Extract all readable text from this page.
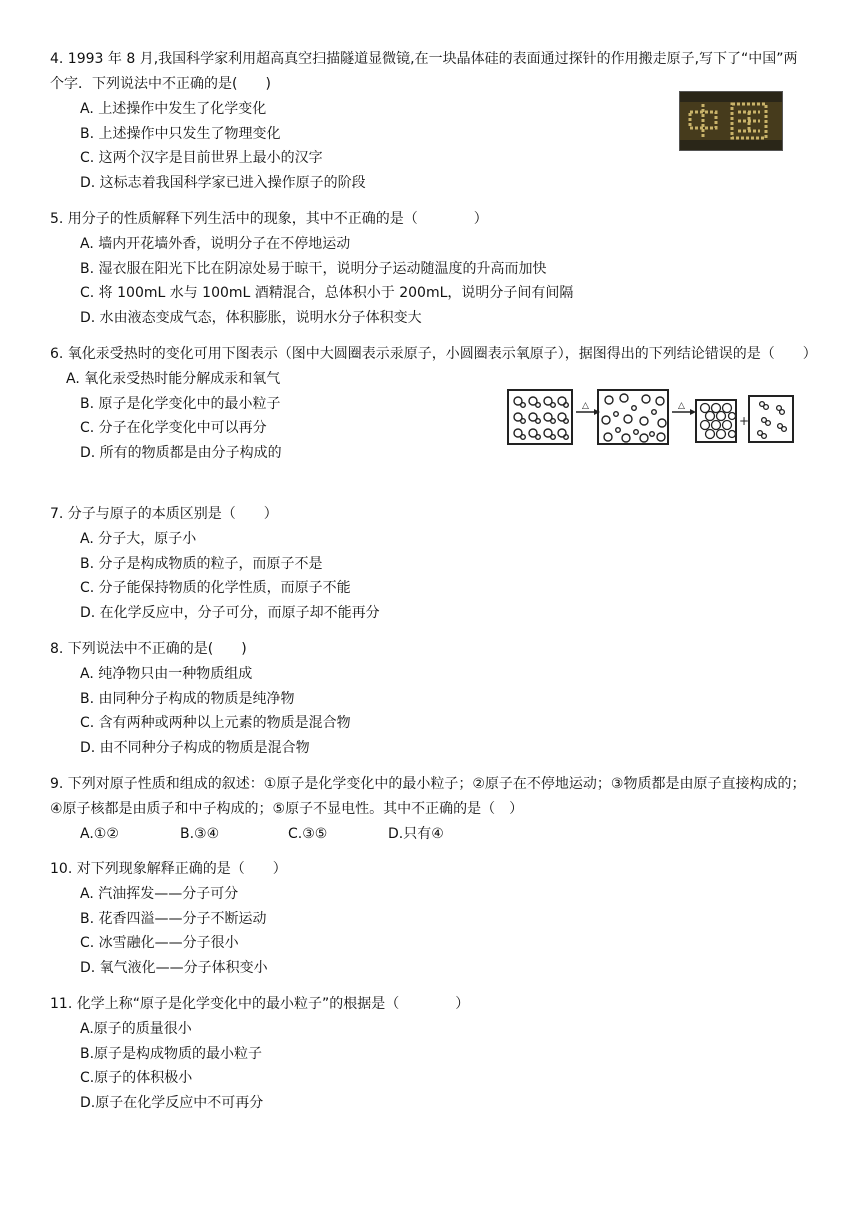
4. 1993 年 8 月,我国科学家利用超高真空扫描隧道显微镜,在一块晶体硅的表面通过探针的作用搬走原子,写下了“中国”两个字．下列说法中不正确的是(　　)

A. 上述操作中发生了化学变化

B. 上述操作中只发生了物理变化

C. 这两个汉字是目前世界上最小的汉字

D. 这标志着我国科学家已进入操作原子的阶段

5. 用分子的性质解释下列生活中的现象，其中不正确的是（　　　　）

A. 墙内开花墙外香，说明分子在不停地运动

B. 湿衣服在阳光下比在阴凉处易于晾干，说明分子运动随温度的升高而加快

C. 将 100mL 水与 100mL 酒精混合，总体积小于 200mL，说明分子间有间隔

D. 水由液态变成气态，体积膨胀，说明水分子体积变大

6. 氧化汞受热时的变化可用下图表示（图中大圆圈表示汞原子，小圆圈表示氧原子），据图得出的下列结论错误的是（　　）

A. 氧化汞受热时能分解成汞和氧气

B. 原子是化学变化中的最小粒子

C. 分子在化学变化中可以再分

D. 所有的物质都是由分子构成的

△	△
+

7. 分子与原子的本质区别是（　　）

A. 分子大，原子小

B. 分子是构成物质的粒子，而原子不是

C. 分子能保持物质的化学性质，而原子不能

D. 在化学反应中，分子可分，而原子却不能再分

8. 下列说法中不正确的是(　　)

A. 纯净物只由一种物质组成

B. 由同种分子构成的物质是纯净物

C. 含有两种或两种以上元素的物质是混合物

D. 由不同种分子构成的物质是混合物

9. 下列对原子性质和组成的叙述：①原子是化学变化中的最小粒子；②原子在不停地运动；③物质都是由原子直接构成的；④原子核都是由质子和中子构成的；⑤原子不显电性。其中不正确的是（　）

A.①②	B.③④	C.③⑤	D.只有④

10. 对下列现象解释正确的是（　　）

A. 汽油挥发——分子可分

B. 花香四溢——分子不断运动

C. 冰雪融化——分子很小

D. 氧气液化——分子体积变小

11. 化学上称“原子是化学变化中的最小粒子”的根据是（　　　　）

A.原子的质量很小

B.原子是构成物质的最小粒子

C.原子的体积极小

D.原子在化学反应中不可再分
